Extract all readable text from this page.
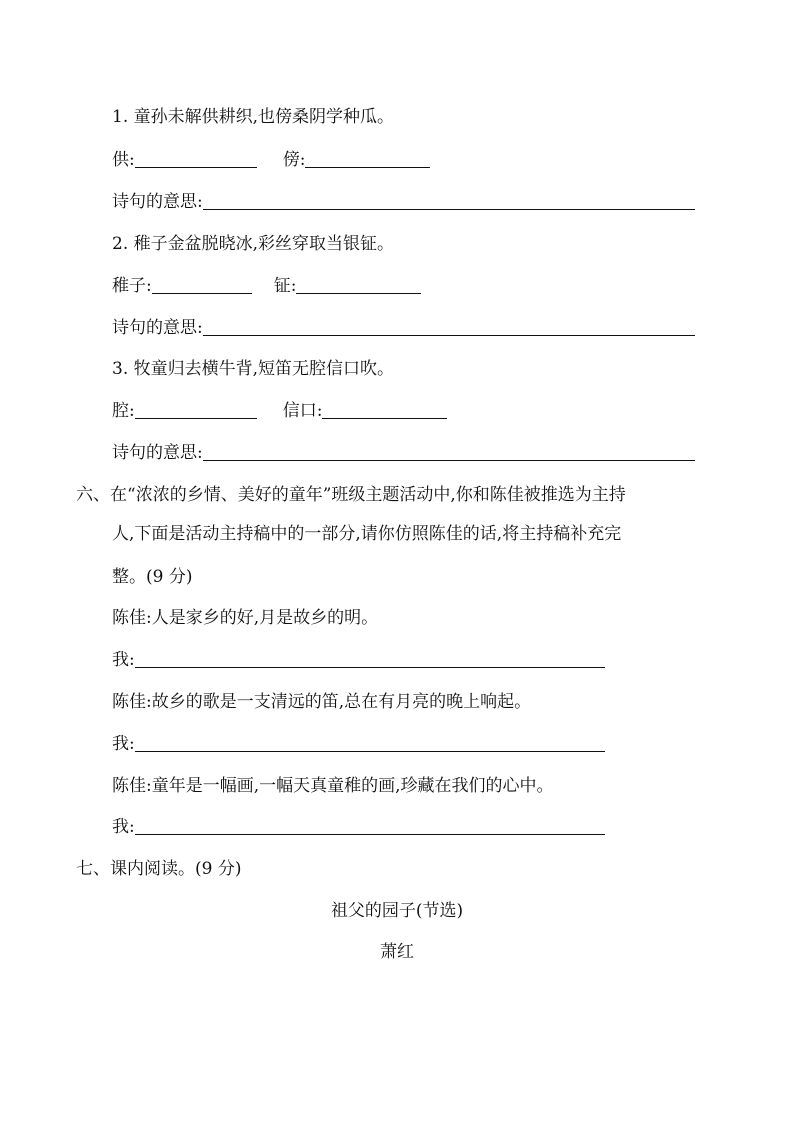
1. 童孙未解供耕织,也傍桑阴学种瓜。
供:	傍:
诗句的意思:
2. 稚子金盆脱晓冰,彩丝穿取当银钲。
稚子:	钲:
诗句的意思:
3. 牧童归去横牛背,短笛无腔信口吹。
腔:	信口:
诗句的意思:
六、在“浓浓的乡情、美好的童年”班级主题活动中,你和陈佳被推选为主持
人,下面是活动主持稿中的一部分,请你仿照陈佳的话,将主持稿补充完
整。(9 分)
陈佳:人是家乡的好,月是故乡的明。
我:
陈佳:故乡的歌是一支清远的笛,总在有月亮的晚上响起。
我:
陈佳:童年是一幅画,一幅天真童稚的画,珍藏在我们的心中。
我:
七、课内阅读。(9 分)
祖父的园子(节选)
萧红
